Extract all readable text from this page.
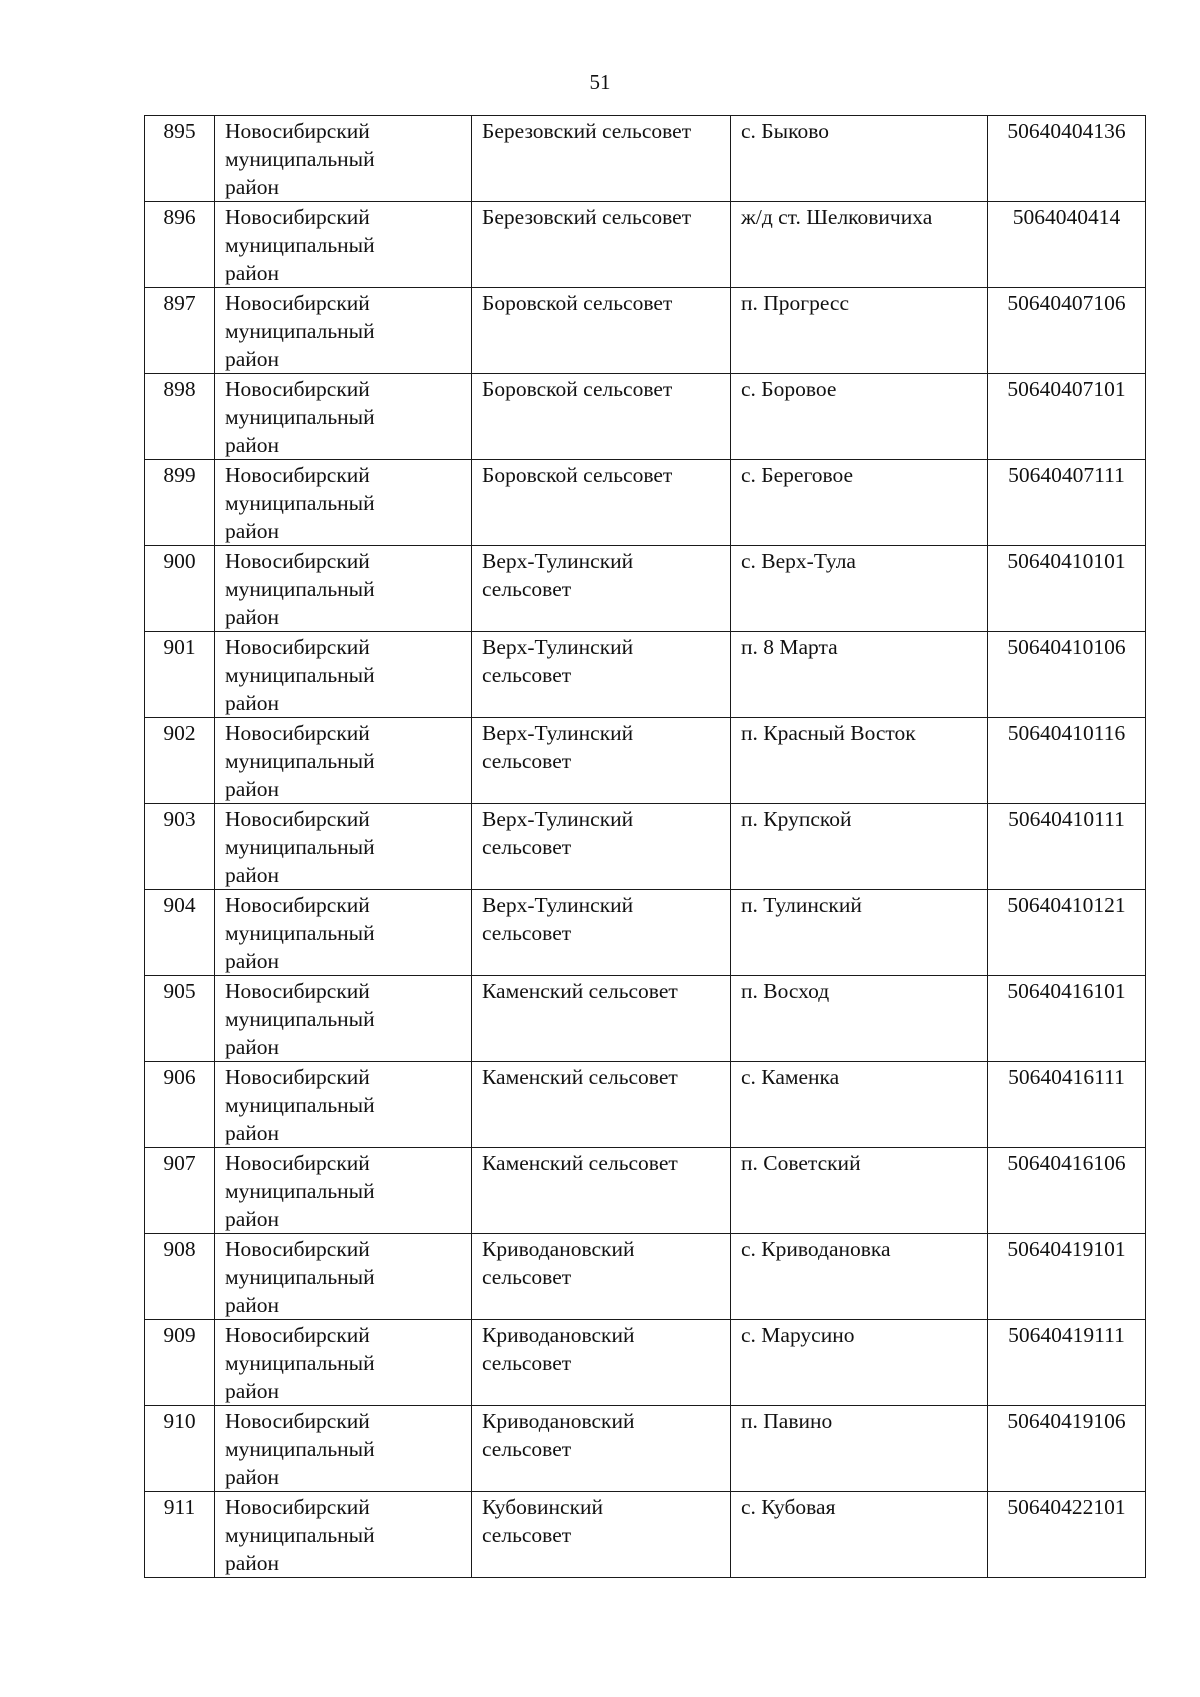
51
895	Новосибирский
муниципальный
район	Березовский сельсовет	с. Быково	50640404136

896	Новосибирский
муниципальный
район	Березовский сельсовет	ж/д ст. Шелковичиха	5064040414

897	Новосибирский
муниципальный
район	Боровской сельсовет	п. Прогресс	50640407106

898	Новосибирский
муниципальный
район	Боровской сельсовет	с. Боровое	50640407101

899	Новосибирский
муниципальный
район	Боровской сельсовет	с. Береговое	50640407111

900	Новосибирский
муниципальный
район	Верх-Тулинский
сельсовет	с. Верх-Тула	50640410101

901	Новосибирский
муниципальный
район	Верх-Тулинский
сельсовет	п. 8 Марта	50640410106

902	Новосибирский
муниципальный
район	Верх-Тулинский
сельсовет	п. Красный Восток	50640410116

903	Новосибирский
муниципальный
район	Верх-Тулинский
сельсовет	п. Крупской	50640410111

904	Новосибирский
муниципальный
район	Верх-Тулинский
сельсовет	п. Тулинский	50640410121

905	Новосибирский
муниципальный
район	Каменский сельсовет	п. Восход	50640416101

906	Новосибирский
муниципальный
район	Каменский сельсовет	с. Каменка	50640416111

907	Новосибирский
муниципальный
район	Каменский сельсовет	п. Советский	50640416106

908	Новосибирский
муниципальный
район	Криводановский
сельсовет	с. Криводановка	50640419101

909	Новосибирский
муниципальный
район	Криводановский
сельсовет	с. Марусино	50640419111

910	Новосибирский
муниципальный
район	Криводановский
сельсовет	п. Павино	50640419106

911	Новосибирский
муниципальный
район	Кубовинский
сельсовет	с. Кубовая	50640422101
